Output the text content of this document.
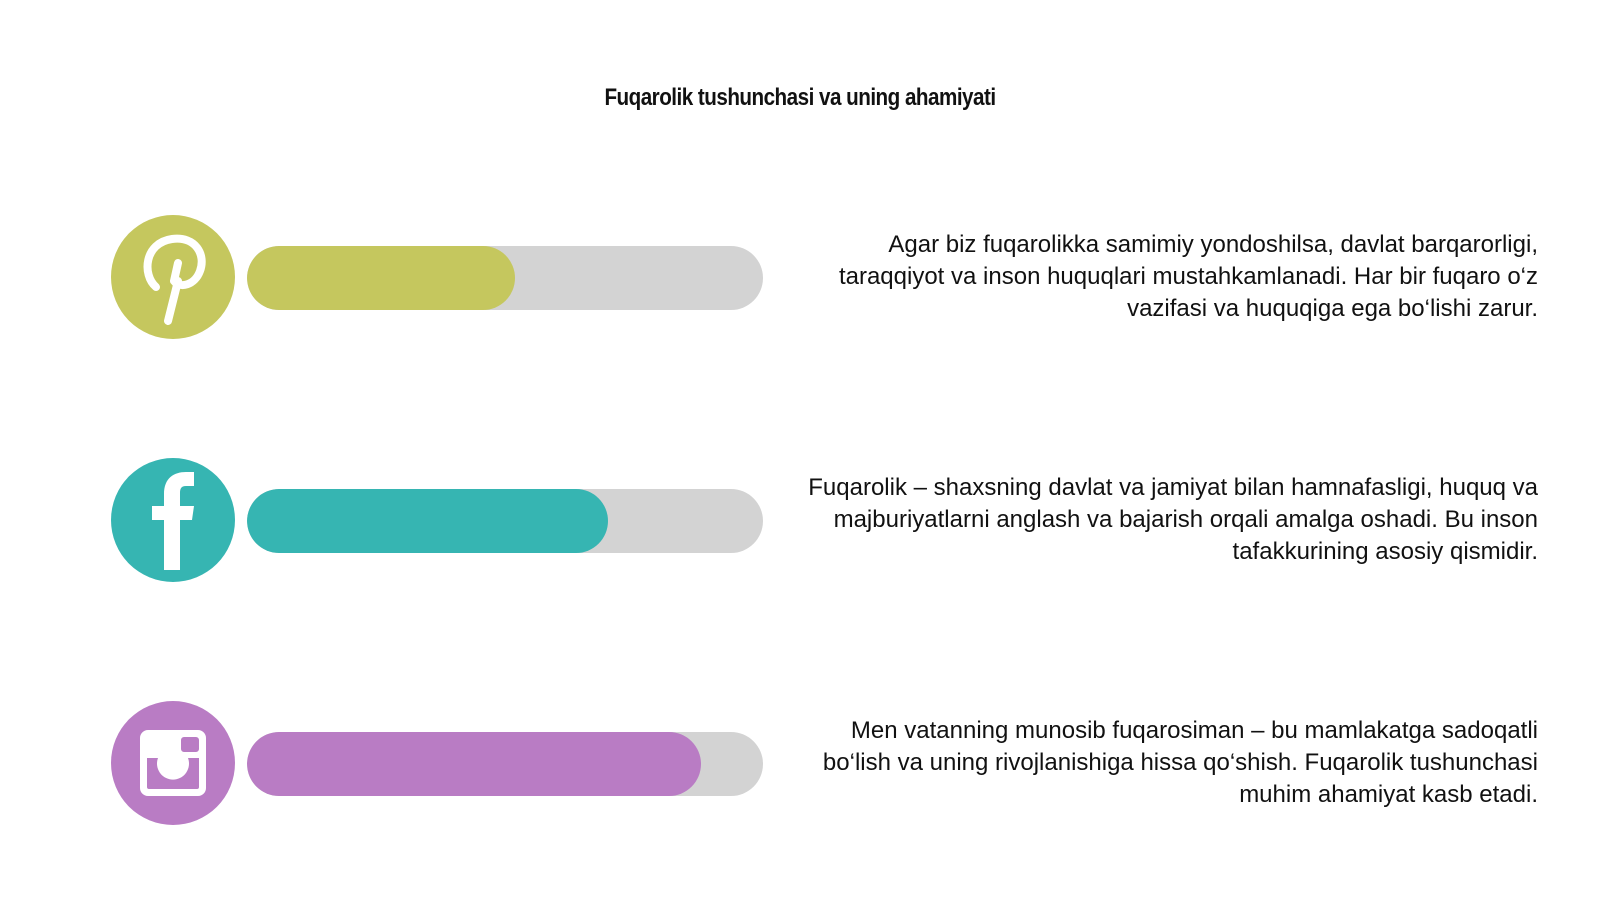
Fuqarolik tushunchasi va uning ahamiyati
Agar biz fuqarolikka samimiy yondoshilsa, davlat barqarorligi, taraqqiyot va inson huquqlari mustahkamlanadi. Har bir fuqaro o‘z vazifasi va huquqiga ega bo‘lishi zarur.
Fuqarolik – shaxsning davlat va jamiyat bilan hamnafasligi, huquq va majburiyatlarni anglash va bajarish orqali amalga oshadi. Bu inson tafakkurining asosiy qismidir.
Men vatanning munosib fuqarosiman – bu mamlakatga sadoqatli bo‘lish va uning rivojlanishiga hissa qo‘shish. Fuqarolik tushunchasi muhim ahamiyat kasb etadi.
